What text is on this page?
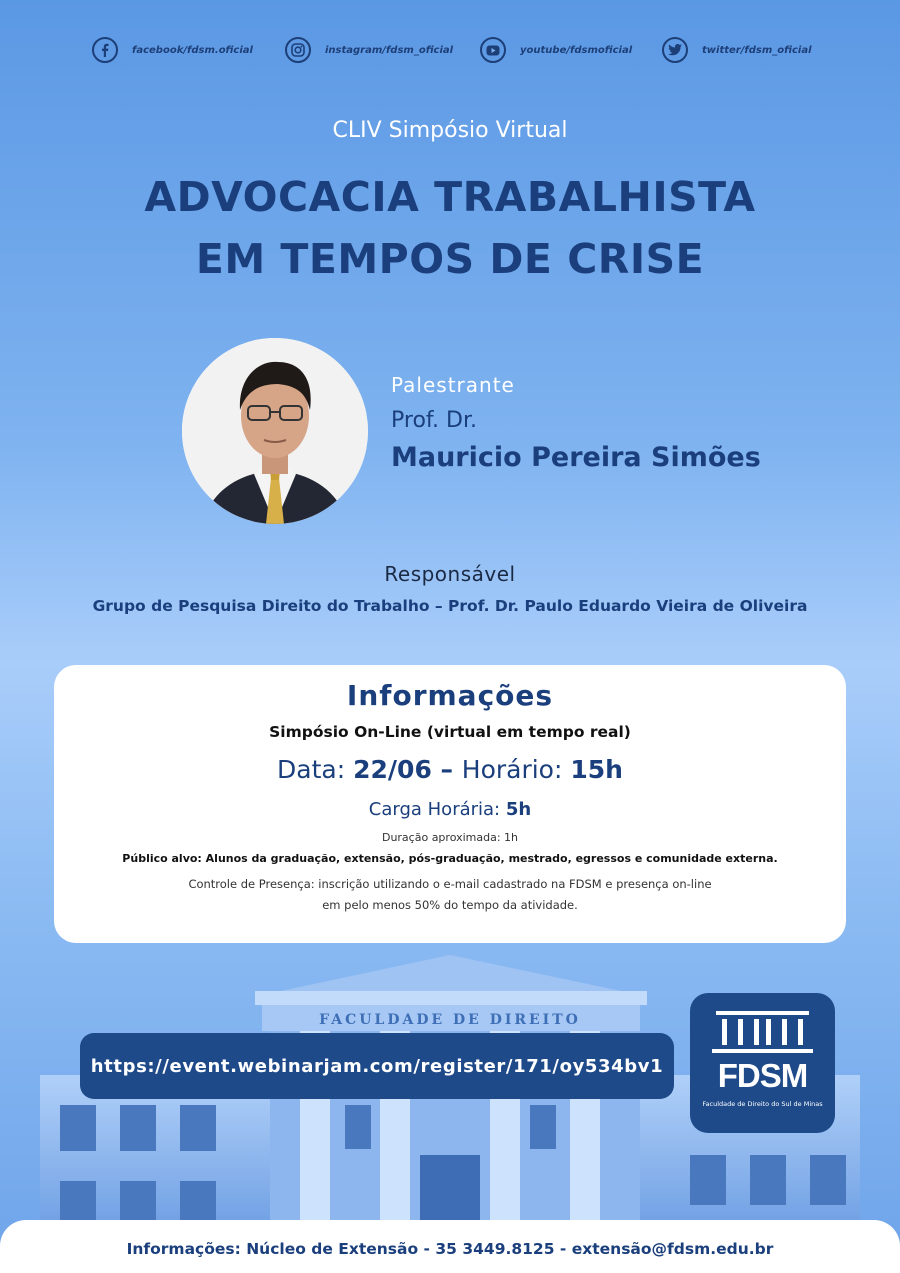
facebook/fdsm.oficial	instagram/fdsm_oficial	youtube/fdsmoficial	twitter/fdsm_oficial
CLIV Simpósio Virtual
ADVOCACIA TRABALHISTA
EM TEMPOS DE CRISE
Palestrante
Prof. Dr.
Mauricio Pereira Simões
Responsável
Grupo de Pesquisa Direito do Trabalho – Prof. Dr. Paulo Eduardo Vieira de Oliveira
Informações
Simpósio On-Line (virtual em tempo real)
Data: 22/06 – Horário: 15h
Carga Horária: 5h
Duração aproximada: 1h
Público alvo: Alunos da graduação, extensão, pós-graduação, mestrado, egressos e comunidade externa.
Controle de Presença: inscrição utilizando o e-mail cadastrado na FDSM e presença on-line
em pelo menos 50% do tempo da atividade.
FACULDADE DE DIREITO
https://event.webinarjam.com/register/171/oy534bv1	FDSM
Faculdade de Direito do Sul de Minas
Informações: Núcleo de Extensão - 35 3449.8125 - extensão@fdsm.edu.br
